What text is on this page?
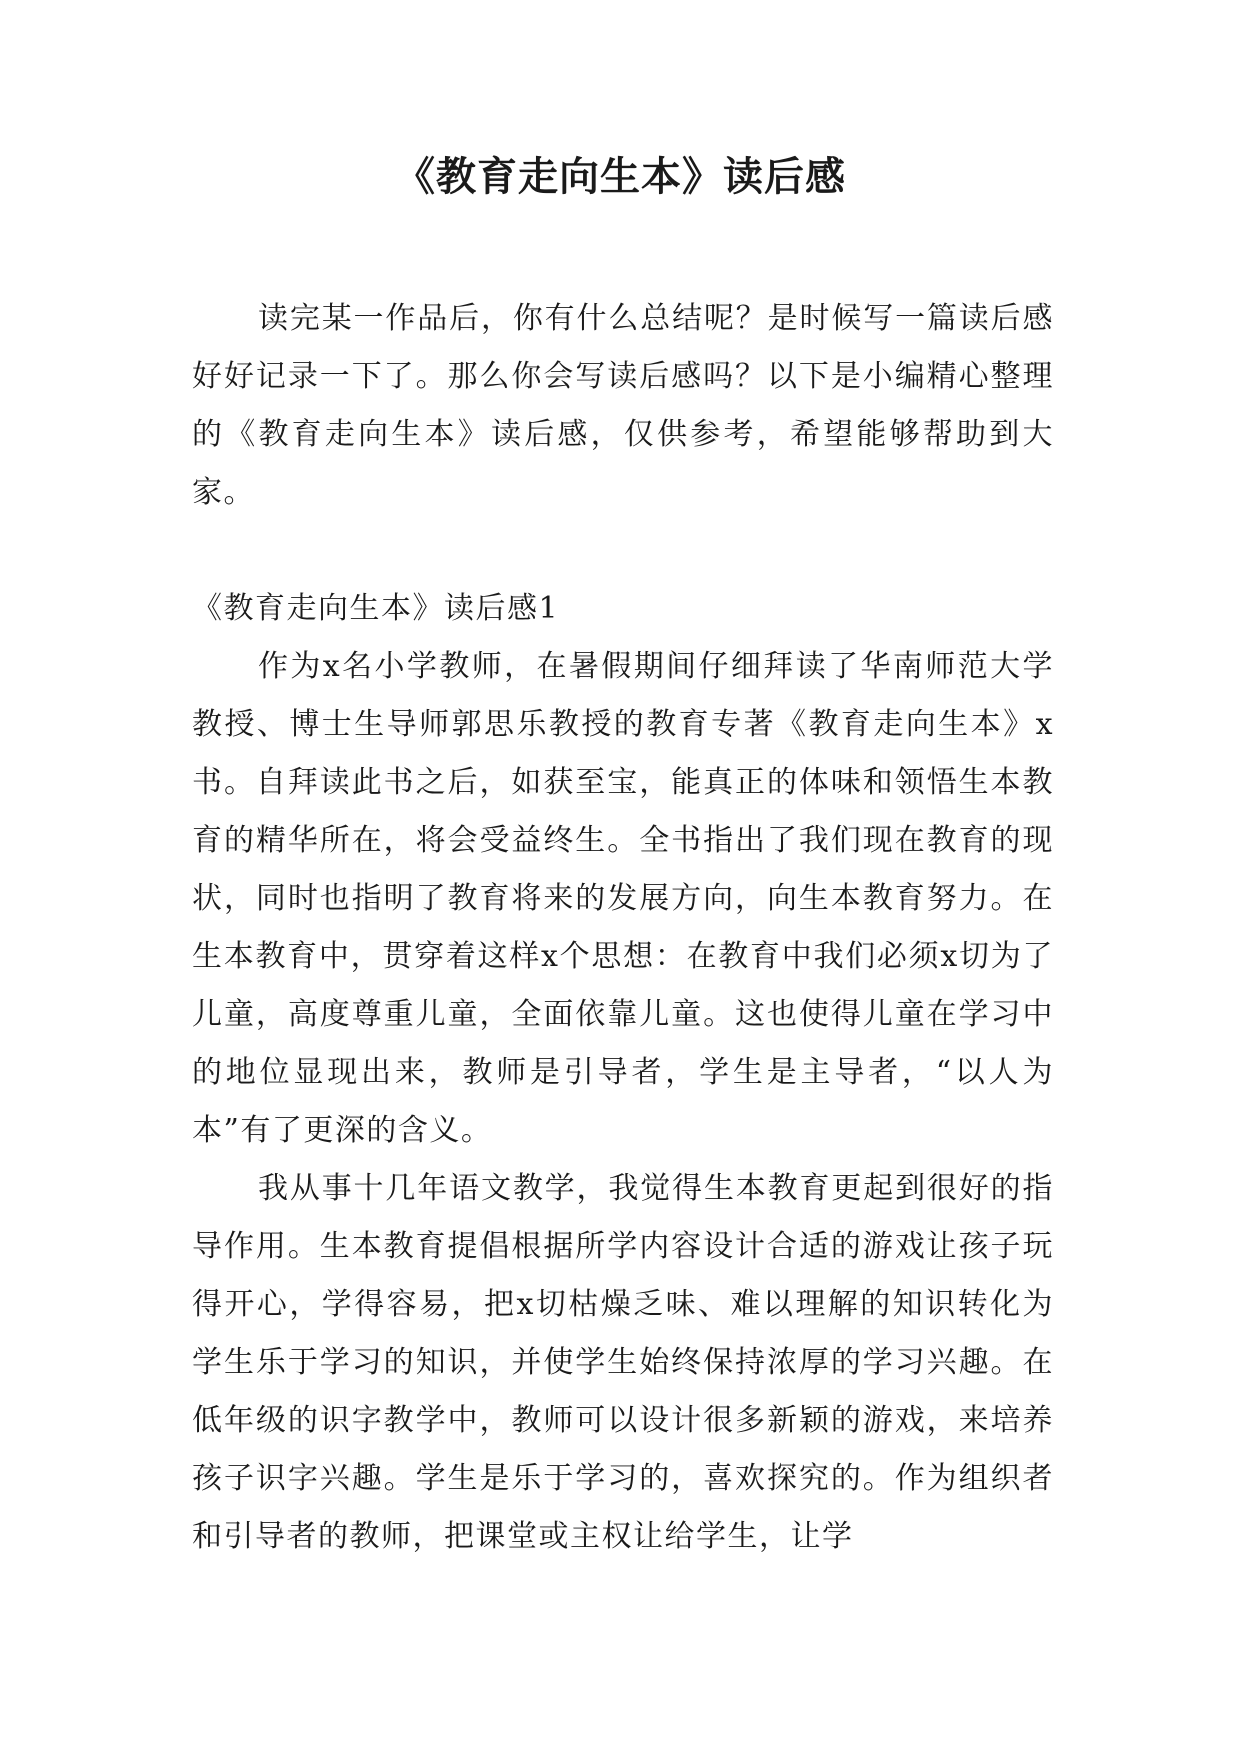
《教育走向生本》读后感

读完某一作品后，你有什么总结呢？是时候写一篇读后感好好记录一下了。那么你会写读后感吗？以下是小编精心整理的《教育走向生本》读后感，仅供参考，希望能够帮助到大家。

《教育走向生本》读后感1

作为x名小学教师，在暑假期间仔细拜读了华南师范大学教授、博士生导师郭思乐教授的教育专著《教育走向生本》x书。自拜读此书之后，如获至宝，能真正的体味和领悟生本教育的精华所在，将会受益终生。全书指出了我们现在教育的现状，同时也指明了教育将来的发展方向，向生本教育努力。在生本教育中，贯穿着这样x个思想：在教育中我们必须x切为了儿童，高度尊重儿童，全面依靠儿童。这也使得儿童在学习中的地位显现出来，教师是引导者，学生是主导者，“以人为本”有了更深的含义。

我从事十几年语文教学，我觉得生本教育更起到很好的指导作用。生本教育提倡根据所学内容设计合适的游戏让孩子玩得开心，学得容易，把x切枯燥乏味、难以理解的知识转化为学生乐于学习的知识，并使学生始终保持浓厚的学习兴趣。在低年级的识字教学中，教师可以设计很多新颖的游戏，来培养孩子识字兴趣。学生是乐于学习的，喜欢探究的。作为组织者和引导者的教师，把课堂或主权让给学生，让学
